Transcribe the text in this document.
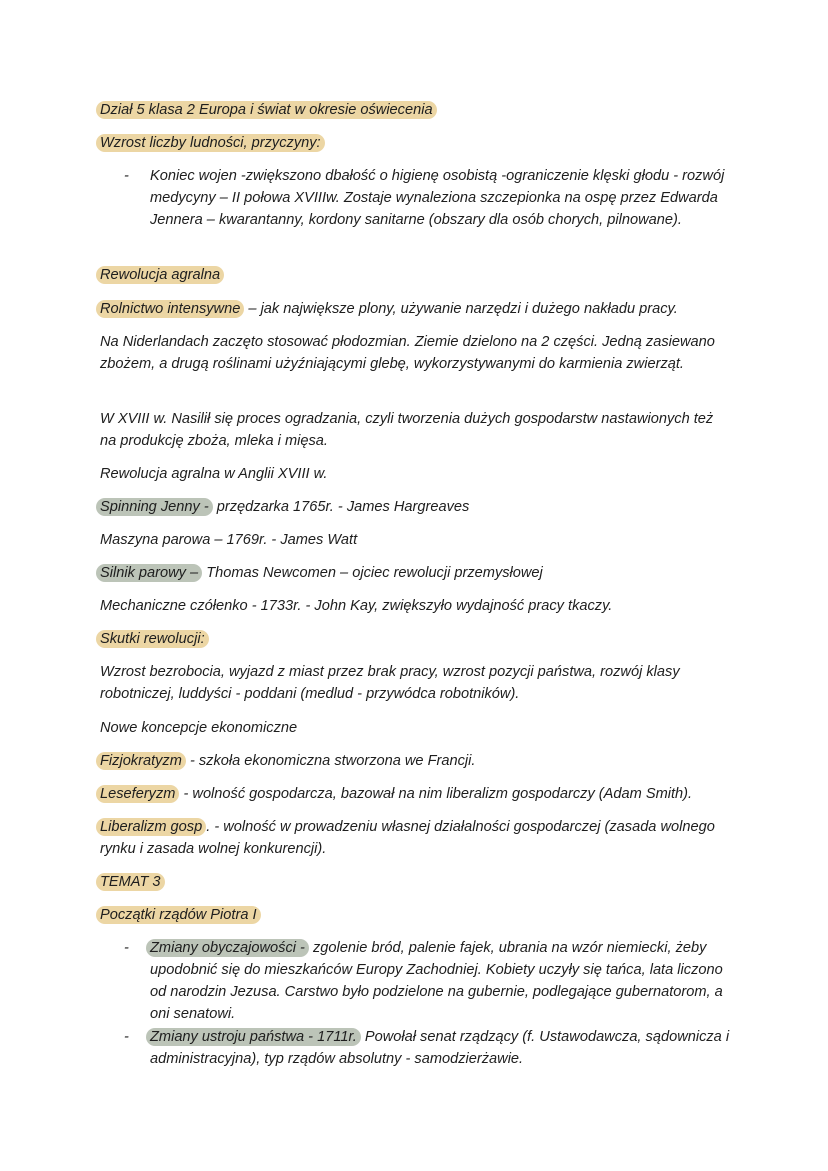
Dział 5 klasa 2 Europa i świat w okresie oświecenia
Wzrost liczby ludności, przyczyny:
- Koniec wojen -zwiększono dbałość o higienę osobistą -ograniczenie klęski głodu - rozwój medycyny – II połowa XVIIIw. Zostaje wynaleziona szczepionka na ospę przez Edwarda Jennera – kwarantanny, kordony sanitarne (obszary dla osób chorych, pilnowane).
Rewolucja agralna
Rolnictwo intensywne – jak największe plony, używanie narzędzi i dużego nakładu pracy.
Na Niderlandach zaczęto stosować płodozmian. Ziemie dzielono na 2 części. Jedną zasiewano zbożem, a drugą roślinami użyźniającymi glebę, wykorzystywanymi do karmienia zwierząt.
W XVIII w. Nasilił się proces ogradzania, czyli tworzenia dużych gospodarstw nastawionych też na produkcję zboża, mleka i mięsa.
Rewolucja agralna w Anglii XVIII w.
Spinning Jenny - przędzarka 1765r. - James Hargreaves
Maszyna parowa – 1769r. - James Watt
Silnik parowy – Thomas Newcomen – ojciec rewolucji przemysłowej
Mechaniczne czółenko - 1733r. - John Kay, zwiększyło wydajność pracy tkaczy.
Skutki rewolucji:
Wzrost bezrobocia, wyjazd z miast przez brak pracy, wzrost pozycji państwa, rozwój klasy robotniczej, luddyści - poddani (medlud - przywódca robotników).
Nowe koncepcje ekonomiczne
Fizjokratyzm - szkoła ekonomiczna stworzona we Francji.
Leseferyzm - wolność gospodarcza, bazował na nim liberalizm gospodarczy (Adam Smith).
Liberalizm gosp . - wolność w prowadzeniu własnej działalności gospodarczej (zasada wolnego rynku i zasada wolnej konkurencji).
TEMAT 3
Początki rządów Piotra I
- Zmiany obyczajowości - zgolenie bród, palenie fajek, ubrania na wzór niemiecki, żeby upodobnić się do mieszkańców Europy Zachodniej. Kobiety uczyły się tańca, lata liczono od narodzin Jezusa. Carstwo było podzielone na gubernie, podlegające gubernatorom, a oni senatowi.
- Zmiany ustroju państwa - 1711r. Powołał senat rządzący (f. Ustawodawcza, sądownicza i administracyjna), typ rządów absolutny - samodzierżawie.
